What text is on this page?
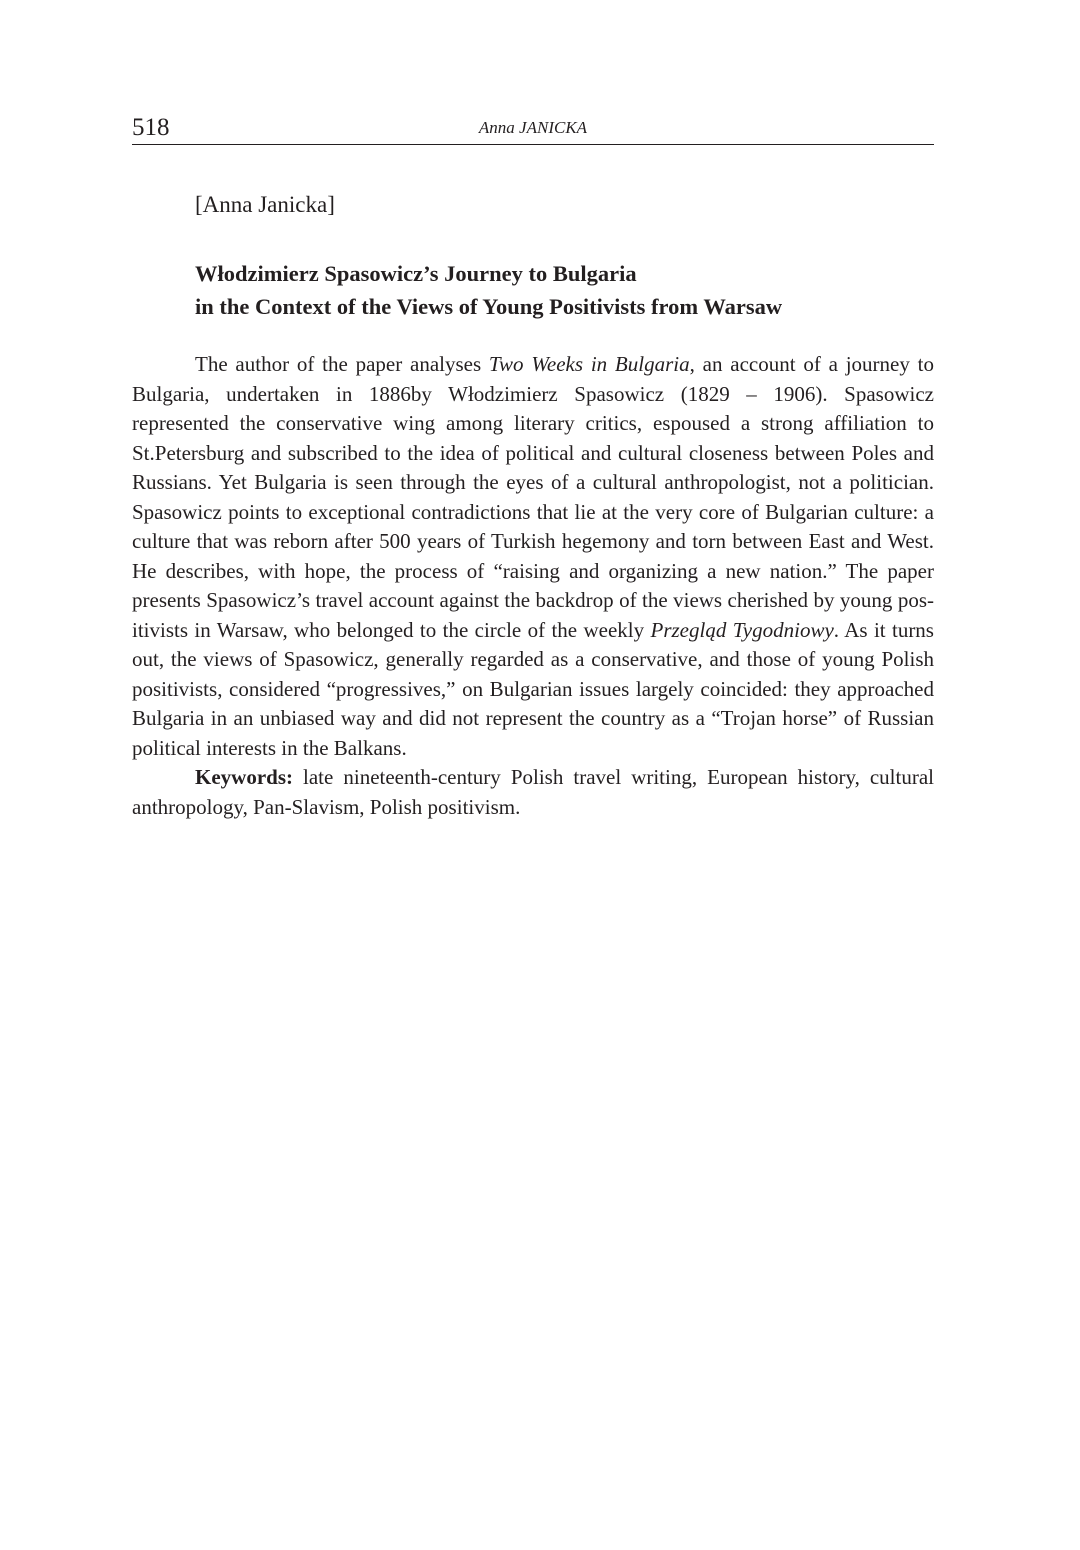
518	Anna JANICKA
[Anna Janicka]
Włodzimierz Spasowicz’s Journey to Bulgaria
in the Context of the Views of Young Positivists from Warsaw

The author of the paper analyses Two Weeks in Bulgaria, an account of a journey to Bulgaria, undertaken in 1886by Włodzimierz Spasowicz (1829 – 1906). Spasowicz represented the conservative wing among literary critics, espoused a strong affiliation to St.Petersburg and subscribed to the idea of political and cultural closeness between Poles and Russians. Yet Bulgaria is seen through the eyes of a cultural anthropologist, not a politician. Spasowicz points to exceptional contradictions that lie at the very core of Bulgarian culture: a culture that was reborn after 500 years of Turkish hegemony and torn between East and West. He describes, with hope, the process of “raising and organizing a new nation.” The paper presents Spasowicz’s travel account against the backdrop of the views cherished by young positivists in Warsaw, who belonged to the circle of the weekly Przegląd Tygodniowy. As it turns out, the views of Spasowicz, generally regarded as a conservative, and those of young Polish positivists, considered “progressives,” on Bulgarian issues largely coincided: they approached Bulgaria in an unbiased way and did not represent the country as a “Trojan horse” of Russian political interests in the Balkans.

Keywords: late nineteenth-century Polish travel writing, European history, cultural anthropology, Pan-Slavism, Polish positivism.
